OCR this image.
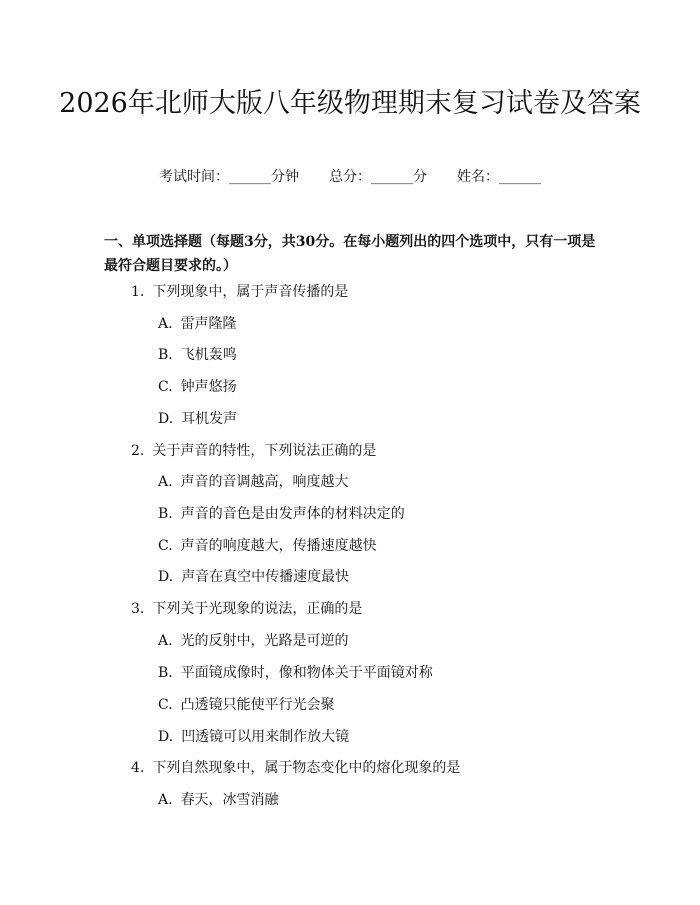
2026年北师大版八年级物理期末复习试卷及答案
考试时间：______分钟 总分：______分 姓名：______
一、单项选择题（每题3分，共30分。在每小题列出的四个选项中，只有一项是最符合题目要求的。）
1. 下列现象中，属于声音传播的是
A. 雷声隆隆
B. 飞机轰鸣
C. 钟声悠扬
D. 耳机发声
2. 关于声音的特性，下列说法正确的是
A. 声音的音调越高，响度越大
B. 声音的音色是由发声体的材料决定的
C. 声音的响度越大，传播速度越快
D. 声音在真空中传播速度最快
3. 下列关于光现象的说法，正确的是
A. 光的反射中，光路是可逆的
B. 平面镜成像时，像和物体关于平面镜对称
C. 凸透镜只能使平行光会聚
D. 凹透镜可以用来制作放大镜
4. 下列自然现象中，属于物态变化中的熔化现象的是
A. 春天，冰雪消融
